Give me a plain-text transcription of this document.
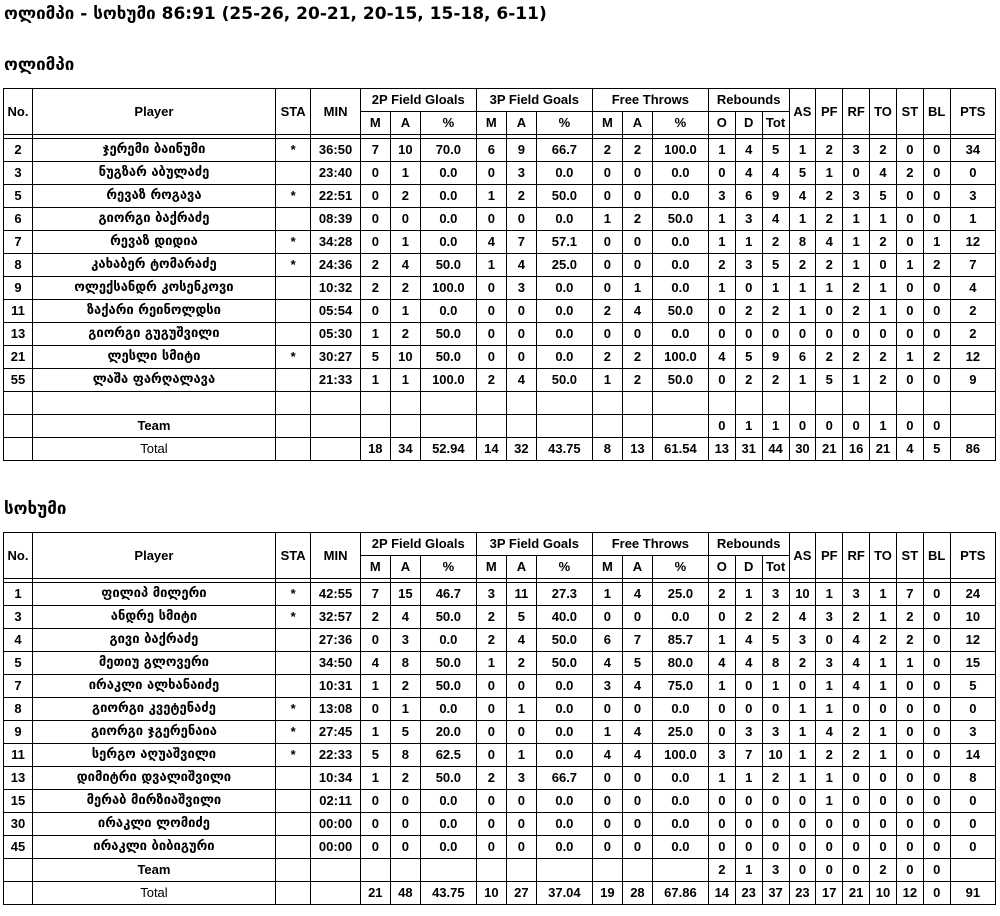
ოლიმპი - სოხუმი 86:91 (25-26, 20-21, 20-15, 15-18, 6-11)
ოლიმპი
No.	Player	STA	MIN	2P Field Gloals			3P Field Goals			Free Throws			Rebounds			AS	PF	RF	TO	ST	BL	PTS
				M	A	%	M	A	%	M	A	%	O	D	Tot							

2	ჯერემი ბაინუმი	*	36:50	7	10	70.0	6	9	66.7	2	2	100.0	1	4	5	1	2	3	2	0	0	34
3	ნუგზარ აბულაძე		23:40	0	1	0.0	0	3	0.0	0	0	0.0	0	4	4	5	1	0	4	2	0	0
5	რევაზ როგავა	*	22:51	0	2	0.0	1	2	50.0	0	0	0.0	3	6	9	4	2	3	5	0	0	3
6	გიორგი ბაქრაძე		08:39	0	0	0.0	0	0	0.0	1	2	50.0	1	3	4	1	2	1	1	0	0	1
7	რევაზ დიდია	*	34:28	0	1	0.0	4	7	57.1	0	0	0.0	1	1	2	8	4	1	2	0	1	12
8	კახაბერ ტომარაძე	*	24:36	2	4	50.0	1	4	25.0	0	0	0.0	2	3	5	2	2	1	0	1	2	7
9	ოლექსანდრ კოსენკოვი		10:32	2	2	100.0	0	3	0.0	0	1	0.0	1	0	1	1	1	2	1	0	0	4
11	ზაქარი რეინოლდსი		05:54	0	1	0.0	0	0	0.0	2	4	50.0	0	2	2	1	0	2	1	0	0	2
13	გიორგი გუგუშვილი		05:30	1	2	50.0	0	0	0.0	0	0	0.0	0	0	0	0	0	0	0	0	0	2
21	ლესლი სმიტი	*	30:27	5	10	50.0	0	0	0.0	2	2	100.0	4	5	9	6	2	2	2	1	2	12
55	ლაშა ფარღალავა		21:33	1	1	100.0	2	4	50.0	1	2	50.0	0	2	2	1	5	1	2	0	0	9

	Team												0	1	1	0	0	0	1	0	0	
	Total			18	34	52.94	14	32	43.75	8	13	61.54	13	31	44	30	21	16	21	4	5	86
სოხუმი
No.	Player	STA	MIN	2P Field Gloals			3P Field Goals			Free Throws			Rebounds			AS	PF	RF	TO	ST	BL	PTS
				M	A	%	M	A	%	M	A	%	O	D	Tot							

1	ფილიპ მილერი	*	42:55	7	15	46.7	3	11	27.3	1	4	25.0	2	1	3	10	1	3	1	7	0	24
3	ანდრე სმიტი	*	32:57	2	4	50.0	2	5	40.0	0	0	0.0	0	2	2	4	3	2	1	2	0	10
4	გივი ბაქრაძე		27:36	0	3	0.0	2	4	50.0	6	7	85.7	1	4	5	3	0	4	2	2	0	12
5	მეთიუ გლოვერი		34:50	4	8	50.0	1	2	50.0	4	5	80.0	4	4	8	2	3	4	1	1	0	15
7	ირაკლი ალხანაიძე		10:31	1	2	50.0	0	0	0.0	3	4	75.0	1	0	1	0	1	4	1	0	0	5
8	გიორგი კვეტენაძე	*	13:08	0	1	0.0	0	1	0.0	0	0	0.0	0	0	0	1	1	0	0	0	0	0
9	გიორგი ჯგერენაია	*	27:45	1	5	20.0	0	0	0.0	1	4	25.0	0	3	3	1	4	2	1	0	0	3
11	სერგო აღუაშვილი	*	22:33	5	8	62.5	0	1	0.0	4	4	100.0	3	7	10	1	2	2	1	0	0	14
13	დიმიტრი დვალიშვილი		10:34	1	2	50.0	2	3	66.7	0	0	0.0	1	1	2	1	1	0	0	0	0	8
15	მერაბ მირზიაშვილი		02:11	0	0	0.0	0	0	0.0	0	0	0.0	0	0	0	0	1	0	0	0	0	0
30	ირაკლი ლომიძე		00:00	0	0	0.0	0	0	0.0	0	0	0.0	0	0	0	0	0	0	0	0	0	0
45	ირაკლი ბიბიგური		00:00	0	0	0.0	0	0	0.0	0	0	0.0	0	0	0	0	0	0	0	0	0	0
	Team												2	1	3	0	0	0	2	0	0	
	Total			21	48	43.75	10	27	37.04	19	28	67.86	14	23	37	23	17	21	10	12	0	91
